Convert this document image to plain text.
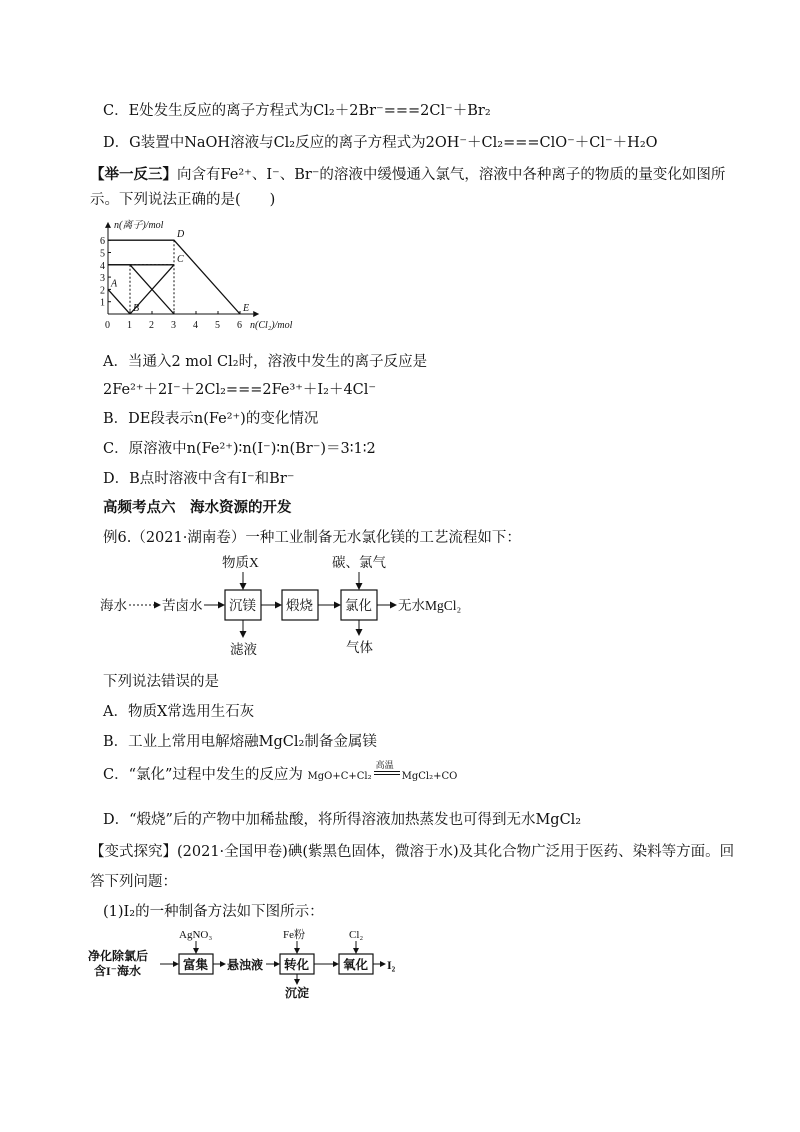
C．E处发生反应的离子方程式为Cl₂＋2Br⁻===2Cl⁻＋Br₂
D．G装置中NaOH溶液与Cl₂反应的离子方程式为2OH⁻＋Cl₂===ClO⁻＋Cl⁻＋H₂O
【举一反三】向含有Fe²⁺、I⁻、Br⁻的溶液中缓慢通入氯气，溶液中各种离子的物质的量变化如图所
示。下列说法正确的是(　　)
0 1 2 3 4 5 6
1
2
3
4
5
6
n(离子)/mol
n(Cl₂)/mol
A
B
C
D
E
A．当通入2 mol Cl₂时，溶液中发生的离子反应是
2Fe²⁺＋2I⁻＋2Cl₂===2Fe³⁺＋I₂＋4Cl⁻
B．DE段表示n(Fe²⁺)的变化情况
C．原溶液中n(Fe²⁺)∶n(I⁻)∶n(Br⁻)＝3∶1∶2
D．B点时溶液中含有I⁻和Br⁻
高频考点六　海水资源的开发
例6.（2021·湖南卷）一种工业制备无水氯化镁的工艺流程如下：
海水	苦卤水 沉镁 煅烧 氯化 无水MgCl₂
物质X	碳、氯气
滤液	气体
下列说法错误的是
A．物质X常选用生石灰
B．工业上常用电解熔融MgCl₂制备金属镁
C．“氯化”过程中发生的反应为 MgO+C+Cl₂
高温
MgCl₂+CO
D．“煅烧”后的产物中加稀盐酸，将所得溶液加热蒸发也可得到无水MgCl₂
【变式探究】(2021·全国甲卷)碘(紫黑色固体，微溶于水)及其化合物广泛用于医药、染料等方面。回
答下列问题：
(1)I₂的一种制备方法如下图所示：
净化除氯后
含I⁻海水	富集
AgNO₃
悬浊液 转化
Fe粉
沉淀
氧化
Cl₂
I₂
